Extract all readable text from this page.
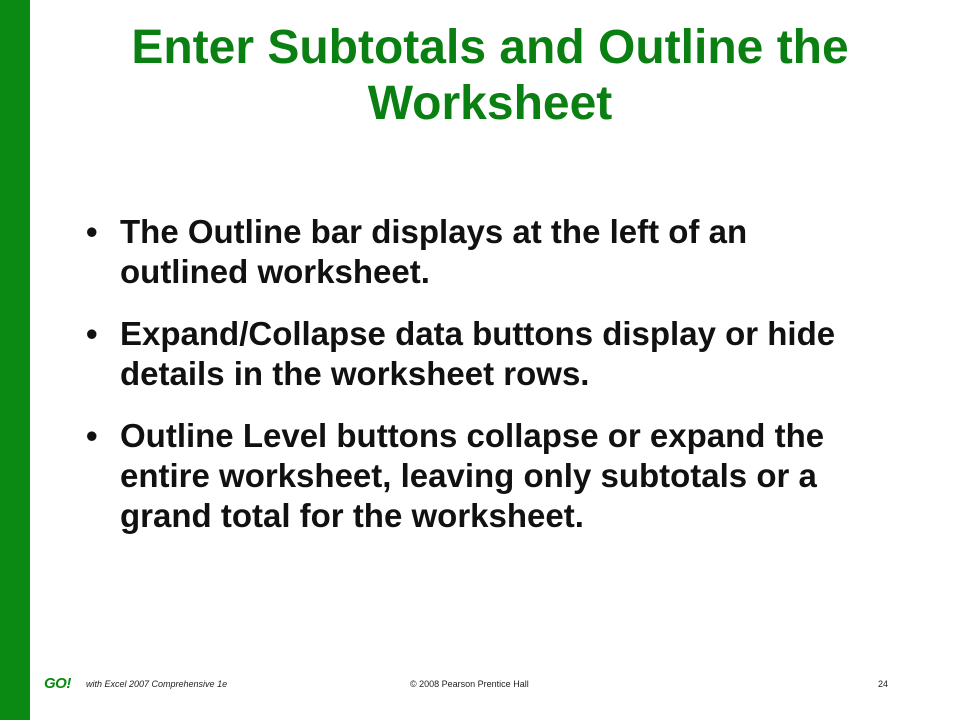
Enter Subtotals and Outline the Worksheet
• The Outline bar displays at the left of an outlined worksheet.
• Expand/Collapse data buttons display or hide details in the worksheet rows.
• Outline Level buttons collapse or expand the entire worksheet, leaving only subtotals or a grand total for the worksheet.
GO! with Excel 2007 Comprehensive 1e	© 2008 Pearson Prentice Hall	24
